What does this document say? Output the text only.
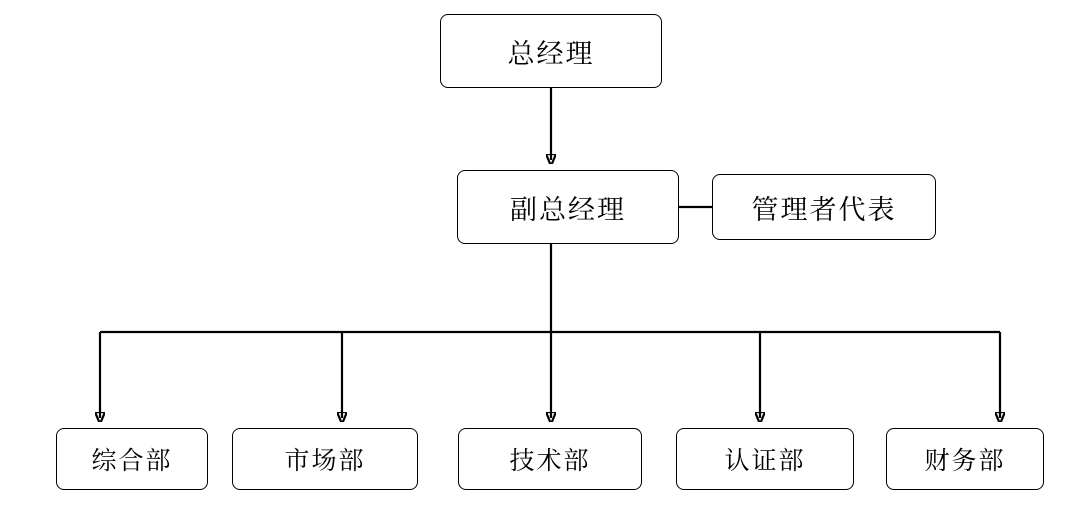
总经理
副总经理	管理者代表
综合部	市场部	技术部	认证部	财务部
